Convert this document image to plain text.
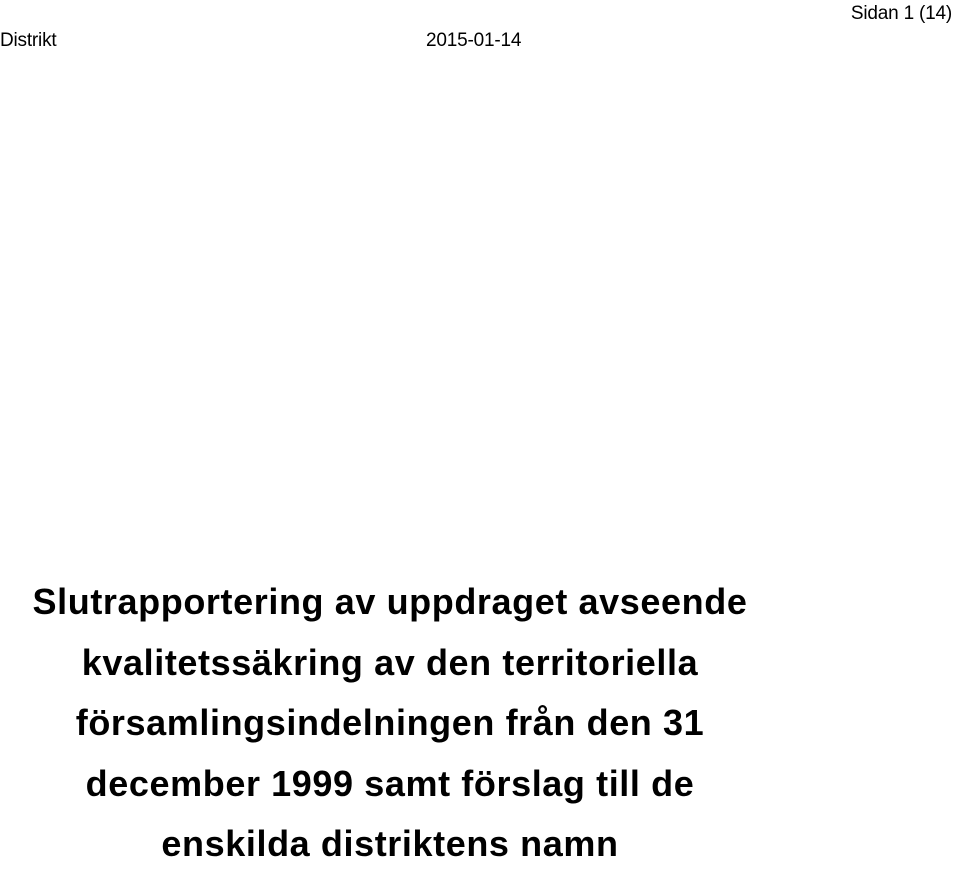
Distrikt	2015-01-14
Sidan 1 (14)
Slutrapportering av uppdraget avseende
kvalitetssäkring av den territoriella
församlingsindelningen från den 31
december 1999 samt förslag till de
enskilda distriktens namn
